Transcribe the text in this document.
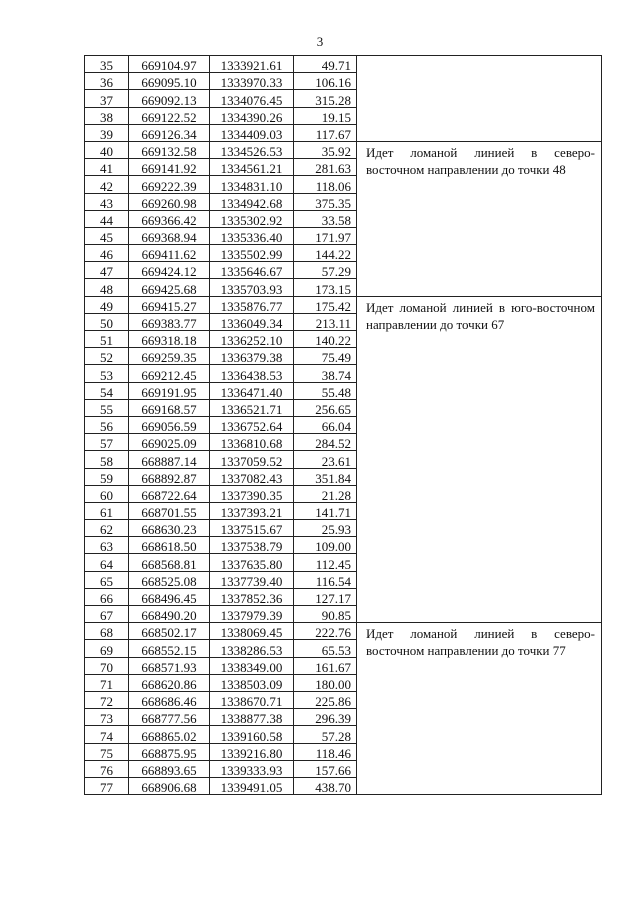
3
35	669104.97	1333921.61	49.71	
36	669095.10	1333970.33	106.16	
37	669092.13	1334076.45	315.28	
38	669122.52	1334390.26	19.15	
39	669126.34	1334409.03	117.67	
40	669132.58	1334526.53	35.92	Идет ломаной линией в северо-восточном направлении до точки 48
41	669141.92	1334561.21	281.63	
42	669222.39	1334831.10	118.06	
43	669260.98	1334942.68	375.35	
44	669366.42	1335302.92	33.58	
45	669368.94	1335336.40	171.97	
46	669411.62	1335502.99	144.22	
47	669424.12	1335646.67	57.29	
48	669425.68	1335703.93	173.15	
49	669415.27	1335876.77	175.42	Идет ломаной линией в юго-восточном направлении до точки 67
50	669383.77	1336049.34	213.11	
51	669318.18	1336252.10	140.22	
52	669259.35	1336379.38	75.49	
53	669212.45	1336438.53	38.74	
54	669191.95	1336471.40	55.48	
55	669168.57	1336521.71	256.65	
56	669056.59	1336752.64	66.04	
57	669025.09	1336810.68	284.52	
58	668887.14	1337059.52	23.61	
59	668892.87	1337082.43	351.84	
60	668722.64	1337390.35	21.28	
61	668701.55	1337393.21	141.71	
62	668630.23	1337515.67	25.93	
63	668618.50	1337538.79	109.00	
64	668568.81	1337635.80	112.45	
65	668525.08	1337739.40	116.54	
66	668496.45	1337852.36	127.17	
67	668490.20	1337979.39	90.85	
68	668502.17	1338069.45	222.76	Идет ломаной линией в северо-восточном направлении до точки 77
69	668552.15	1338286.53	65.53	
70	668571.93	1338349.00	161.67	
71	668620.86	1338503.09	180.00	
72	668686.46	1338670.71	225.86	
73	668777.56	1338877.38	296.39	
74	668865.02	1339160.58	57.28	
75	668875.95	1339216.80	118.46	
76	668893.65	1339333.93	157.66	
77	668906.68	1339491.05	438.70	
